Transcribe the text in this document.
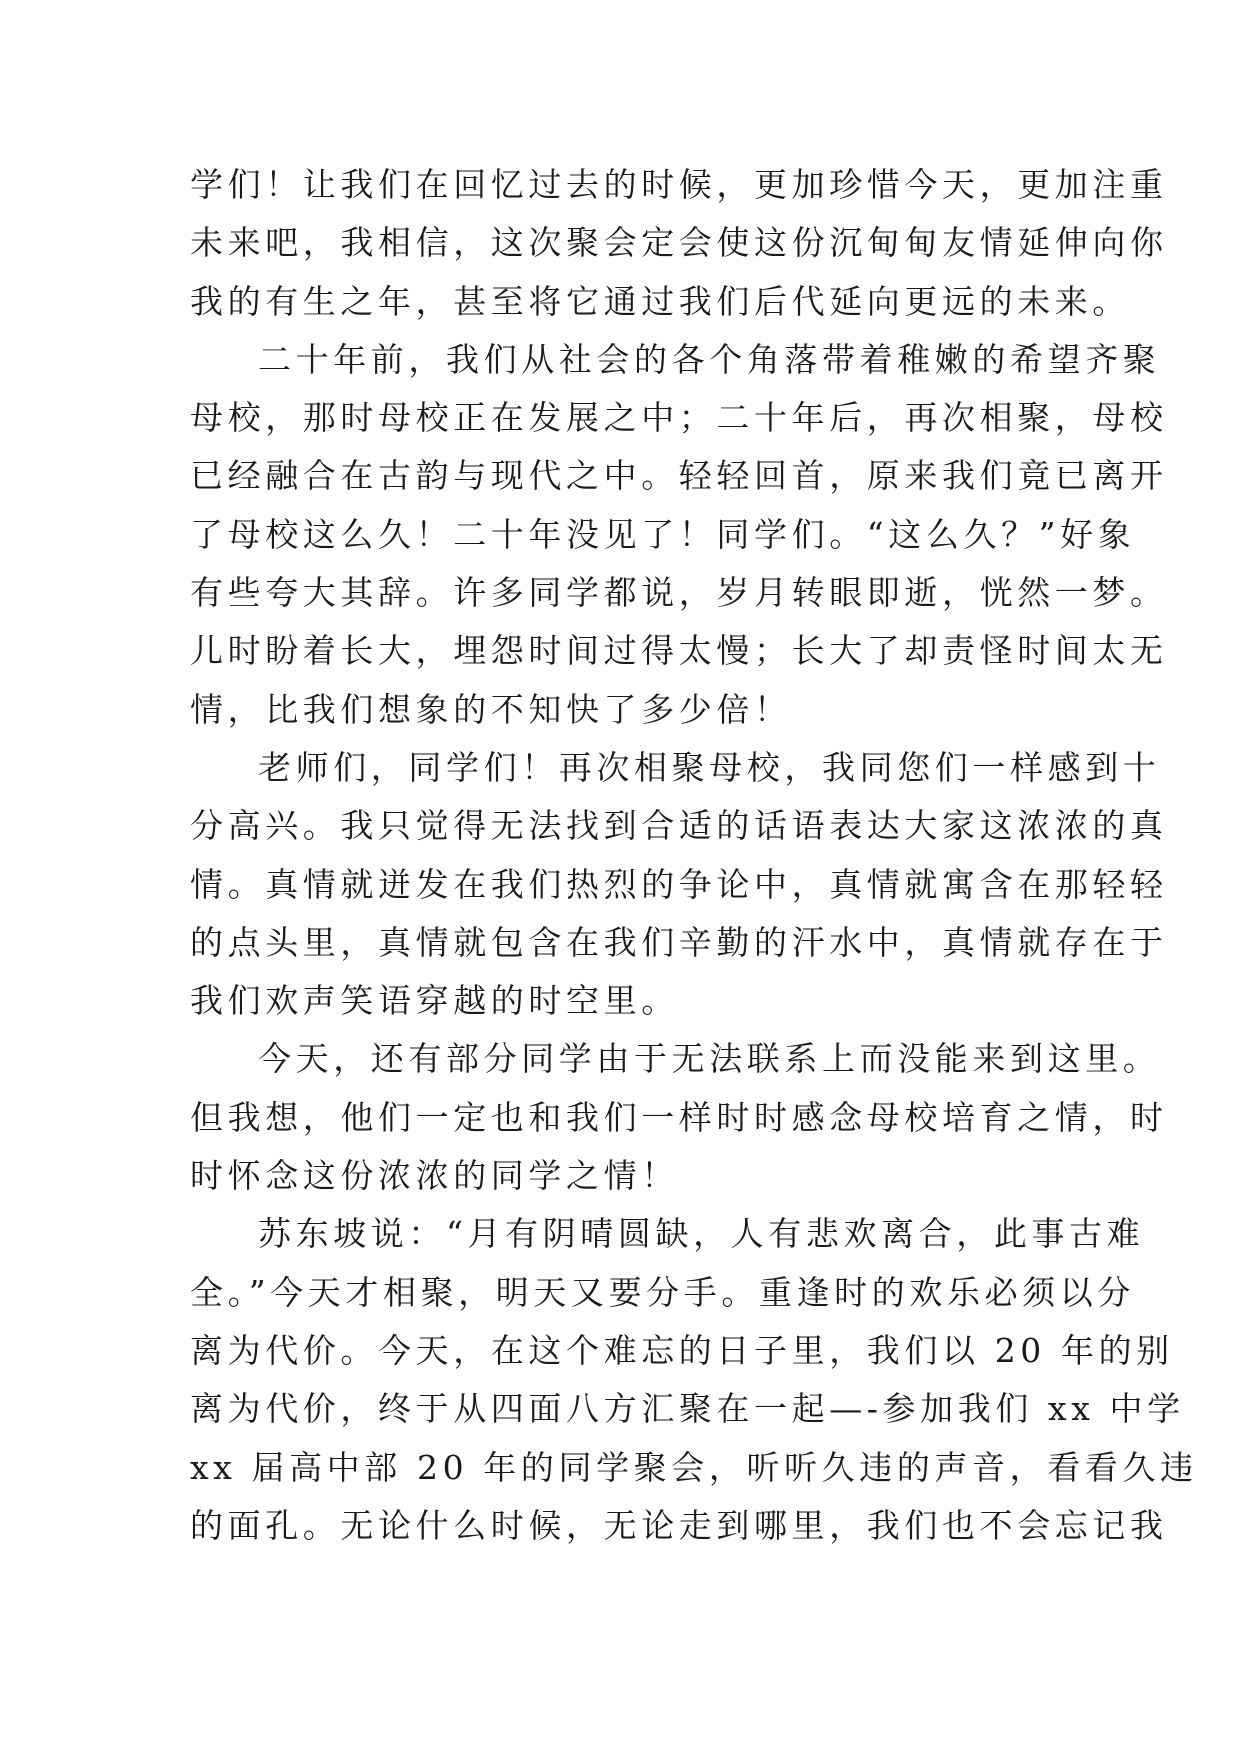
学们！让我们在回忆过去的时候，更加珍惜今天，更加注重
未来吧，我相信，这次聚会定会使这份沉甸甸友情延伸向你
我的有生之年，甚至将它通过我们后代延向更远的未来。
二十年前，我们从社会的各个角落带着稚嫩的希望齐聚
母校，那时母校正在发展之中；二十年后，再次相聚，母校
已经融合在古韵与现代之中。轻轻回首，原来我们竟已离开
了母校这么久！二十年没见了！同学们。“这么久？”好象
有些夸大其辞。许多同学都说，岁月转眼即逝，恍然一梦。
儿时盼着长大，埋怨时间过得太慢；长大了却责怪时间太无
情，比我们想象的不知快了多少倍！
老师们，同学们！再次相聚母校，我同您们一样感到十
分高兴。我只觉得无法找到合适的话语表达大家这浓浓的真
情。真情就迸发在我们热烈的争论中，真情就寓含在那轻轻
的点头里，真情就包含在我们辛勤的汗水中，真情就存在于
我们欢声笑语穿越的时空里。
今天，还有部分同学由于无法联系上而没能来到这里。
但我想，他们一定也和我们一样时时感念母校培育之情，时
时怀念这份浓浓的同学之情！
苏东坡说：“月有阴晴圆缺，人有悲欢离合，此事古难
全。”今天才相聚，明天又要分手。重逢时的欢乐必须以分
离为代价。今天，在这个难忘的日子里，我们以 20 年的别
离为代价，终于从四面八方汇聚在一起—-参加我们 xx 中学
xx 届高中部 20 年的同学聚会，听听久违的声音，看看久违
的面孔。无论什么时候，无论走到哪里，我们也不会忘记我
